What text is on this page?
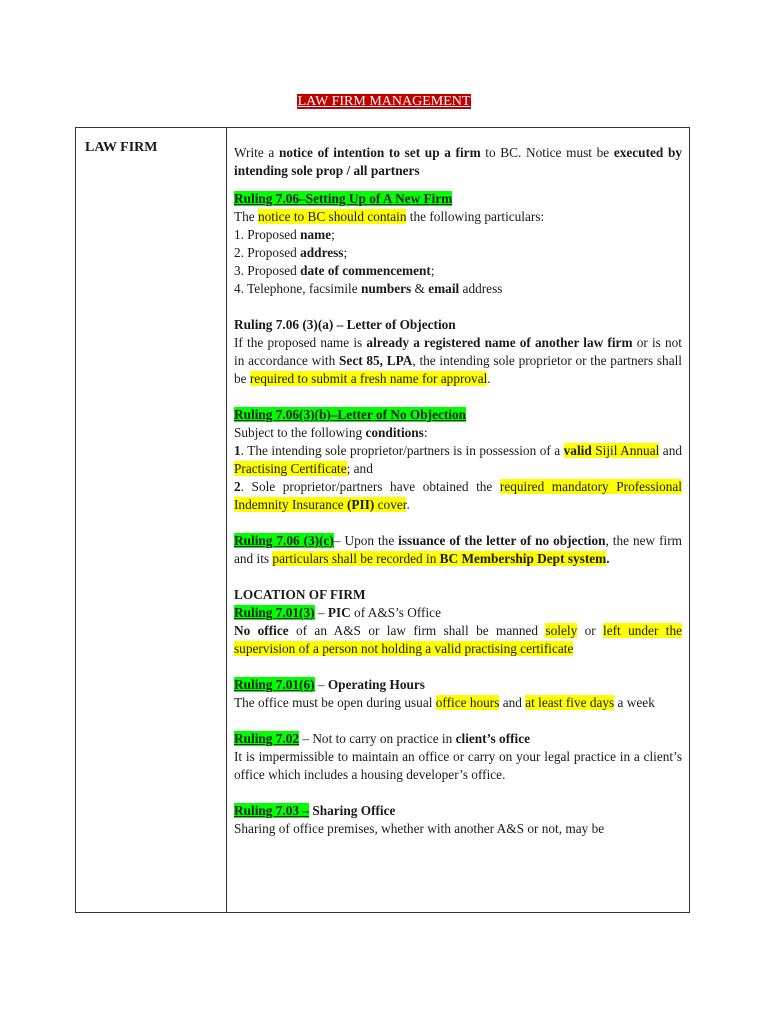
LAW FIRM MANAGEMENT
LAW FIRM	Write a notice of intention to set up a firm to BC. Notice must be executed by intending sole prop / all partners

Ruling 7.06–Setting Up of A New Firm

The notice to BC should contain the following particulars:

1. Proposed name;

2. Proposed address;

3. Proposed date of commencement;

4. Telephone, facsimile numbers & email address

Ruling 7.06 (3)(a) – Letter of Objection

If the proposed name is already a registered name of another law firm or is not in accordance with Sect 85, LPA, the intending sole proprietor or the partners shall be required to submit a fresh name for approval.

Ruling 7.06(3)(b)–Letter of No Objection

Subject to the following conditions:

1. The intending sole proprietor/partners is in possession of a valid Sijil Annual and Practising Certificate; and

2. Sole proprietor/partners have obtained the required mandatory Professional Indemnity Insurance (PII) cover.

Ruling 7.06 (3)(c)– Upon the issuance of the letter of no objection, the new firm and its particulars shall be recorded in BC Membership Dept system.

LOCATION OF FIRM

Ruling 7.01(3) – PIC of A&S’s Office

No office of an A&S or law firm shall be manned solely or left under the supervision of a person not holding a valid practising certificate

Ruling 7.01(6) – Operating Hours

The office must be open during usual office hours and at least five days a week

Ruling 7.02 – Not to carry on practice in client’s office

It is impermissible to maintain an office or carry on your legal practice in a client’s office which includes a housing developer’s office.

Ruling 7.03 – Sharing Office

Sharing of office premises, whether with another A&S or not, may be
